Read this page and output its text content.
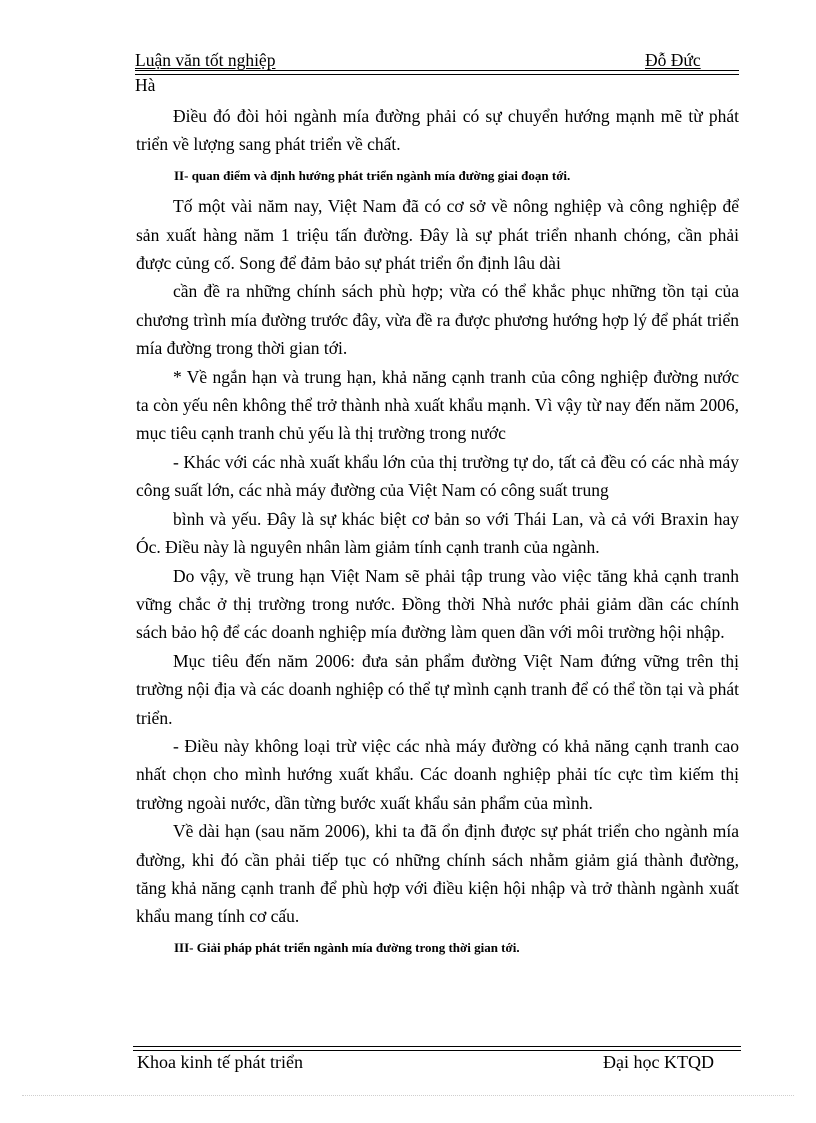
Luận văn tốt nghiệp	Đỗ Đức
Hà

Điều đó đòi hỏi ngành mía đường phải có sự chuyển hướng mạnh mẽ từ phát triển về lượng sang phát triển về chất.

II- quan điểm và định hướng phát triển ngành mía đường giai đoạn tới.

Tố một vài năm nay, Việt Nam đã có cơ sở về nông nghiệp và công nghiệp để sản xuất hàng năm 1 triệu tấn đường. Đây là sự phát triển nhanh chóng, cần phải được củng cố. Song để đảm bảo sự phát triển ổn định lâu dài

cần đề ra những chính sách phù hợp; vừa có thể khắc phục những tồn tại của chương trình mía đường trước đây, vừa đề ra được phương hướng hợp lý để phát triển mía đường trong thời gian tới.

* Về ngắn hạn và trung hạn, khả năng cạnh tranh của công nghiệp đường nước ta còn yếu nên không thể trở thành nhà xuất khẩu mạnh. Vì vậy từ nay đến năm 2006, mục tiêu cạnh tranh chủ yếu là thị trường trong nước

- Khác với các nhà xuất khẩu lớn của thị trường tự do, tất cả đều có các nhà máy công suất lớn, các nhà máy đường của Việt Nam có công suất trung

bình và yếu. Đây là sự khác biệt cơ bản so với Thái Lan, và cả với Braxin hay Óc. Điều này là nguyên nhân làm giảm tính cạnh tranh của ngành.

Do vậy, về trung hạn Việt Nam sẽ phải tập trung vào việc tăng khả cạnh tranh vững chắc ở thị trường trong nước. Đồng thời Nhà nước phải giảm dần các chính sách bảo hộ để các doanh nghiệp mía đường làm quen dần với môi trường hội nhập.

Mục tiêu đến năm 2006: đưa sản phẩm đường Việt Nam đứng vững trên thị trường nội địa và các doanh nghiệp có thể tự mình cạnh tranh để có thể tồn tại và phát triển.

- Điều này không loại trừ việc các nhà máy đường có khả năng cạnh tranh cao nhất chọn cho mình hướng xuất khẩu. Các doanh nghiệp phải tíc cực tìm kiếm thị trường ngoài nước, dần từng bước xuất khẩu sản phẩm của mình.

Về dài hạn (sau năm 2006), khi ta đã ổn định được sự phát triển cho ngành mía đường, khi đó cần phải tiếp tục có những chính sách nhằm giảm giá thành đường, tăng khả năng cạnh tranh để phù hợp với điều kiện hội nhập và trở thành ngành xuất khẩu mang tính cơ cấu.

III- Giải pháp phát triển ngành mía đường trong thời gian tới.

Khoa kinh tế phát triển	Đại học KTQD
